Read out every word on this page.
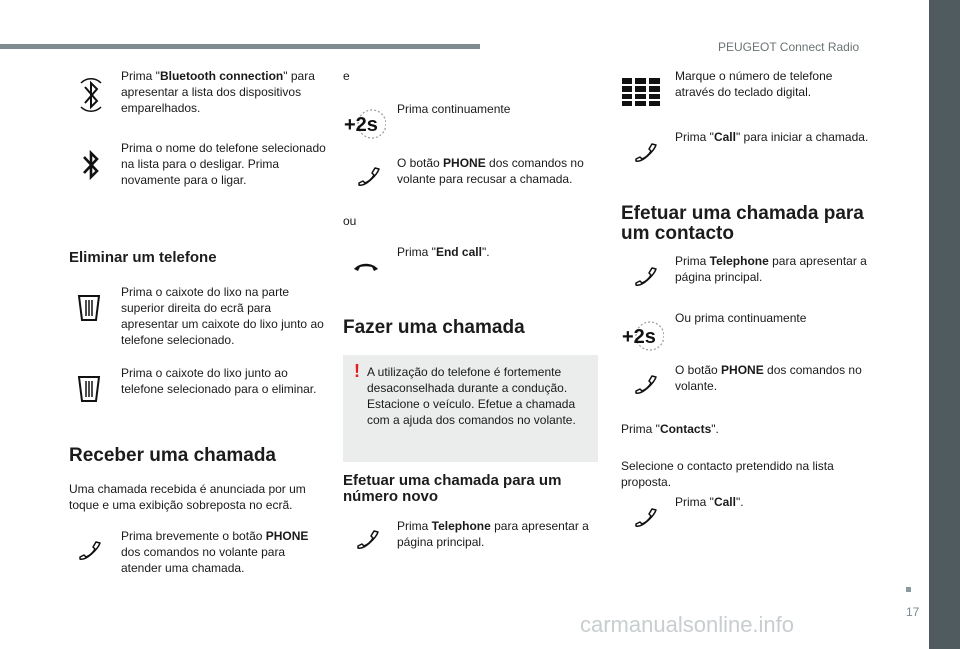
PEUGEOT Connect Radio
17
Prima "Bluetooth connection" para apresentar a lista dos dispositivos emparelhados.
Prima o nome do telefone selecionado na lista para o desligar. Prima novamente para o ligar.
Eliminar um telefone
Prima o caixote do lixo na parte superior direita do ecrã para apresentar um caixote do lixo junto ao telefone selecionado.
Prima o caixote do lixo junto ao telefone selecionado para o eliminar.
Receber uma chamada
Uma chamada recebida é anunciada por um toque e uma exibição sobreposta no ecrã.
Prima brevemente o botão PHONE dos comandos no volante para atender uma chamada.
e
+2s
Prima continuamente
O botão PHONE dos comandos no volante para recusar a chamada.
ou
Prima "End call".
Fazer uma chamada
! A utilização do telefone é fortemente desaconselhada durante a condução. Estacione o veículo. Efetue a chamada com a ajuda dos comandos no volante.
Efetuar uma chamada para um número novo
Prima Telephone para apresentar a página principal.
Marque o número de telefone através do teclado digital.
Prima "Call" para iniciar a chamada.
Efetuar uma chamada para um contacto
Prima Telephone para apresentar a página principal.
+2s
Ou prima continuamente
O botão PHONE dos comandos no volante.
Prima "Contacts".
Selecione o contacto pretendido na lista proposta.
Prima "Call".
carmanualsonline.info
